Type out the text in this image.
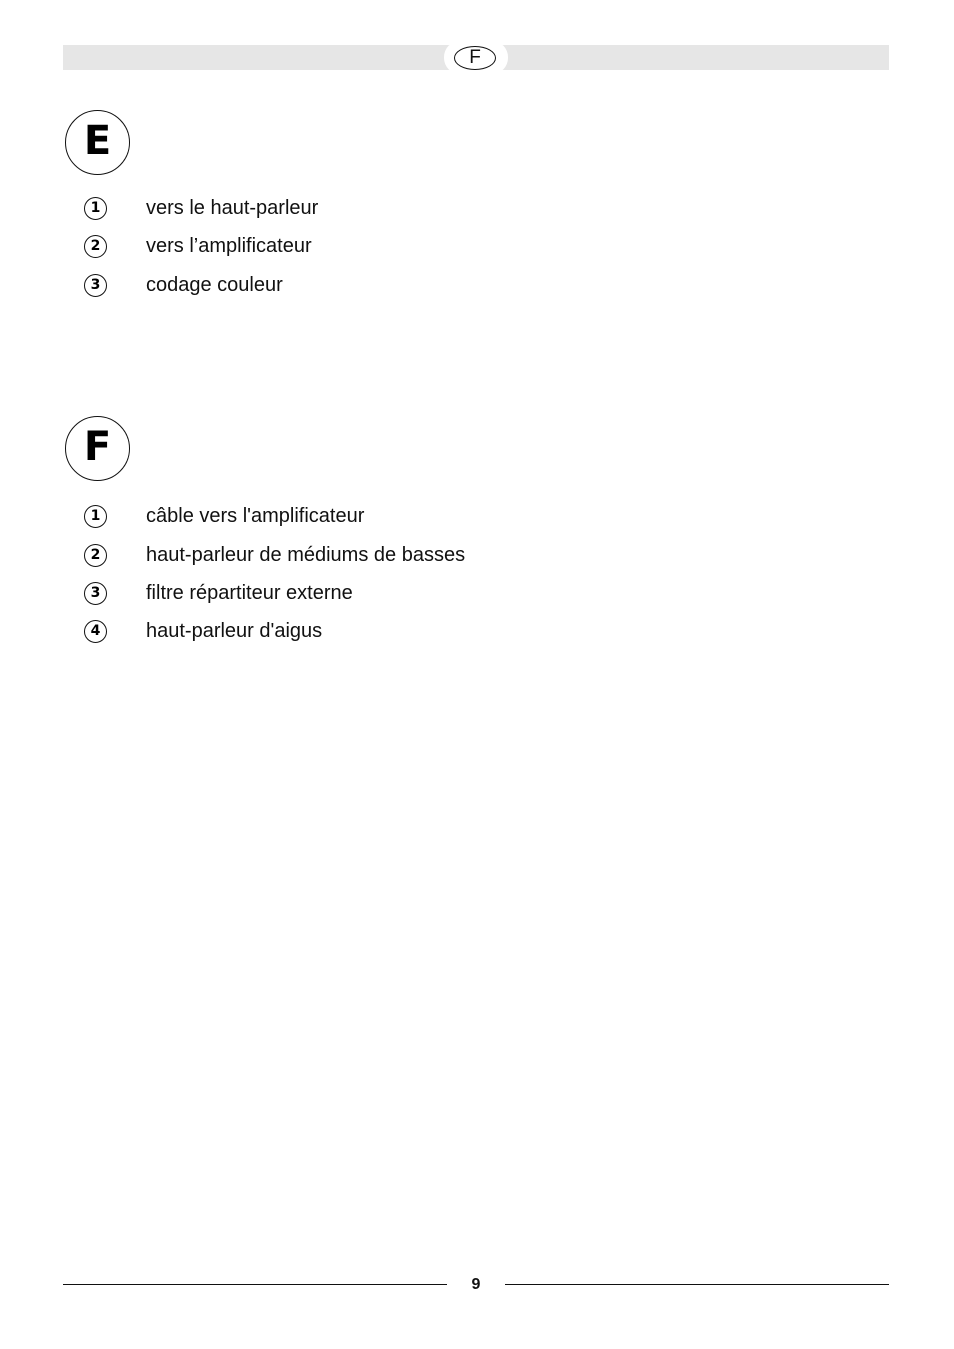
F
E
1	vers le haut-parleur
2	vers l’amplificateur
3	codage couleur
F
1	câble vers l'amplificateur
2	haut-parleur de médiums de basses
3	filtre répartiteur externe
4	haut-parleur d'aigus
9
